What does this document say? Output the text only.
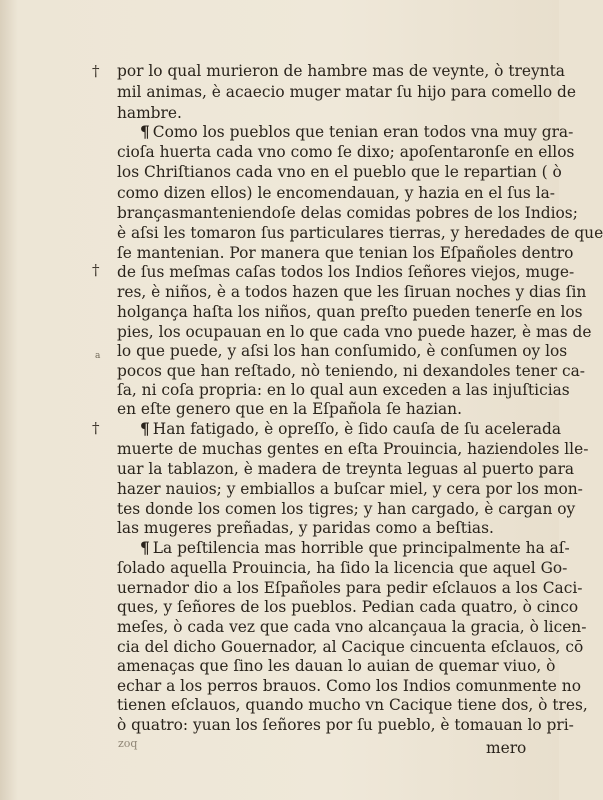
†
†
a
†
por lo qual murieron de hambre mas de veynte, ò treynta
mil animas, è acaecio muger matar ſu hijo para comello de
hambre.
¶ Como los pueblos que tenian eran todos vna muy gra-
cioſa huerta cada vno como ſe dixo; apoſentaronſe en ellos
los Chriſtianos cada vno en el pueblo que le repartian ( ò
como dizen ellos) le encomendauan, y hazia en el ſus la-
brançasmanteniendoſe delas comidas pobres de los Indios;
è aſsi les tomaron ſus particulares tierras, y heredades de que
ſe mantenian. Por manera que tenian los Eſpañoles dentro
de ſus meſmas caſas todos los Indios ſeñores viejos, muge-
res, è niños, è a todos hazen que les ſiruan noches y dias ſin
holgança haſta los niños, quan preſto pueden tenerſe en los
pies, los ocupauan en lo que cada vno puede hazer, è mas de
lo que puede, y aſsi los han conſumido, è conſumen oy los
pocos que han reſtado, nò teniendo, ni dexandoles tener ca-
ſa, ni coſa propria: en lo qual aun exceden a las injuſticias
en eſte genero que en la Eſpañola ſe hazian.
¶ Han fatigado, è opreſſo, è ſido cauſa de ſu acelerada
muerte de muchas gentes en eſta Prouincia, haziendoles lle-
uar la tablazon, è madera de treynta leguas al puerto para
hazer nauios; y embiallos a buſcar miel, y cera por los mon-
tes donde los comen los tigres; y han cargado, è cargan oy
las mugeres preñadas, y paridas como a beſtias.
¶ La peſtilencia mas horrible que principalmente ha aſ-
ſolado aquella Prouincia, ha ſido la licencia que aquel Go-
uernador dio a los Eſpañoles para pedir eſclauos a los Caci-
ques, y ſeñores de los pueblos. Pedian cada quatro, ò cinco
meſes, ò cada vez que cada vno alcançaua la gracia, ò licen-
cia del dicho Gouernador, al Cacique cincuenta eſclauos, cō
amenaças que ſino les dauan lo auian de quemar viuo, ò
echar a los perros brauos. Como los Indios comunmente no
tienen eſclauos, quando mucho vn Cacique tiene dos, ò tres,
ò quatro: yuan los ſeñores por ſu pueblo, è tomauan lo pri-
zoq	mero
